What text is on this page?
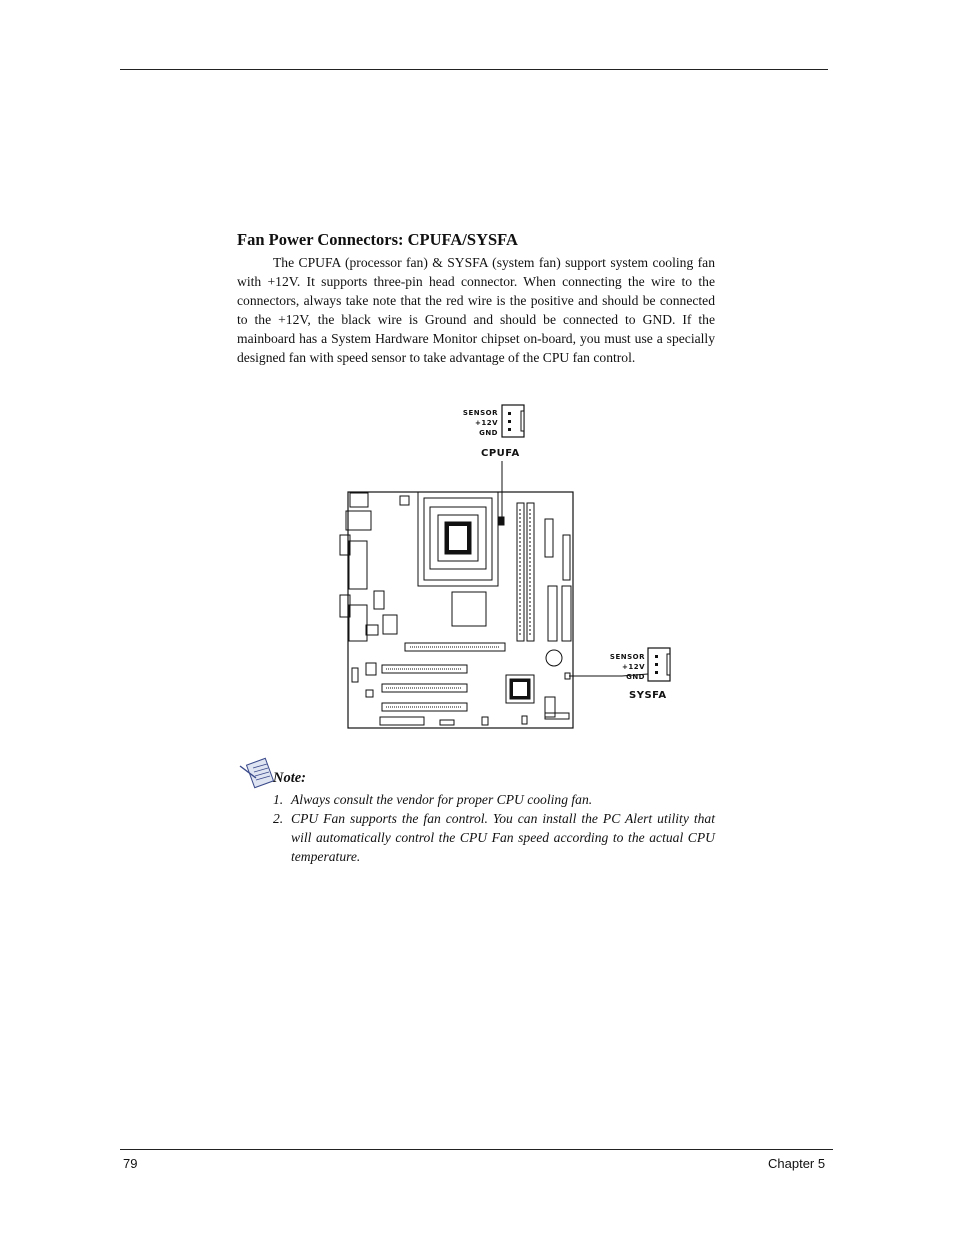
Fan Power Connectors: CPUFA/SYSFA

The CPUFA (processor fan) & SYSFA (system fan) support system cooling fan with +12V. It supports three-pin head connector. When connecting the wire to the connectors, always take note that the red wire is the positive and should be connected to the +12V, the black wire is Ground and should be connected to GND. If the mainboard has a System Hardware Monitor chipset on-board, you must use a specially designed fan with speed sensor to take advantage of the CPU fan control.

SENSOR
+12V
GND
CPUFA
SENSOR
+12V
GND
SYSFA
Note:
1. Always consult the vendor for proper CPU cooling fan.
2. CPU Fan supports the fan control. You can install the PC Alert utility that will automatically control the CPU Fan speed according to the actual CPU temperature.
79	Chapter 5
